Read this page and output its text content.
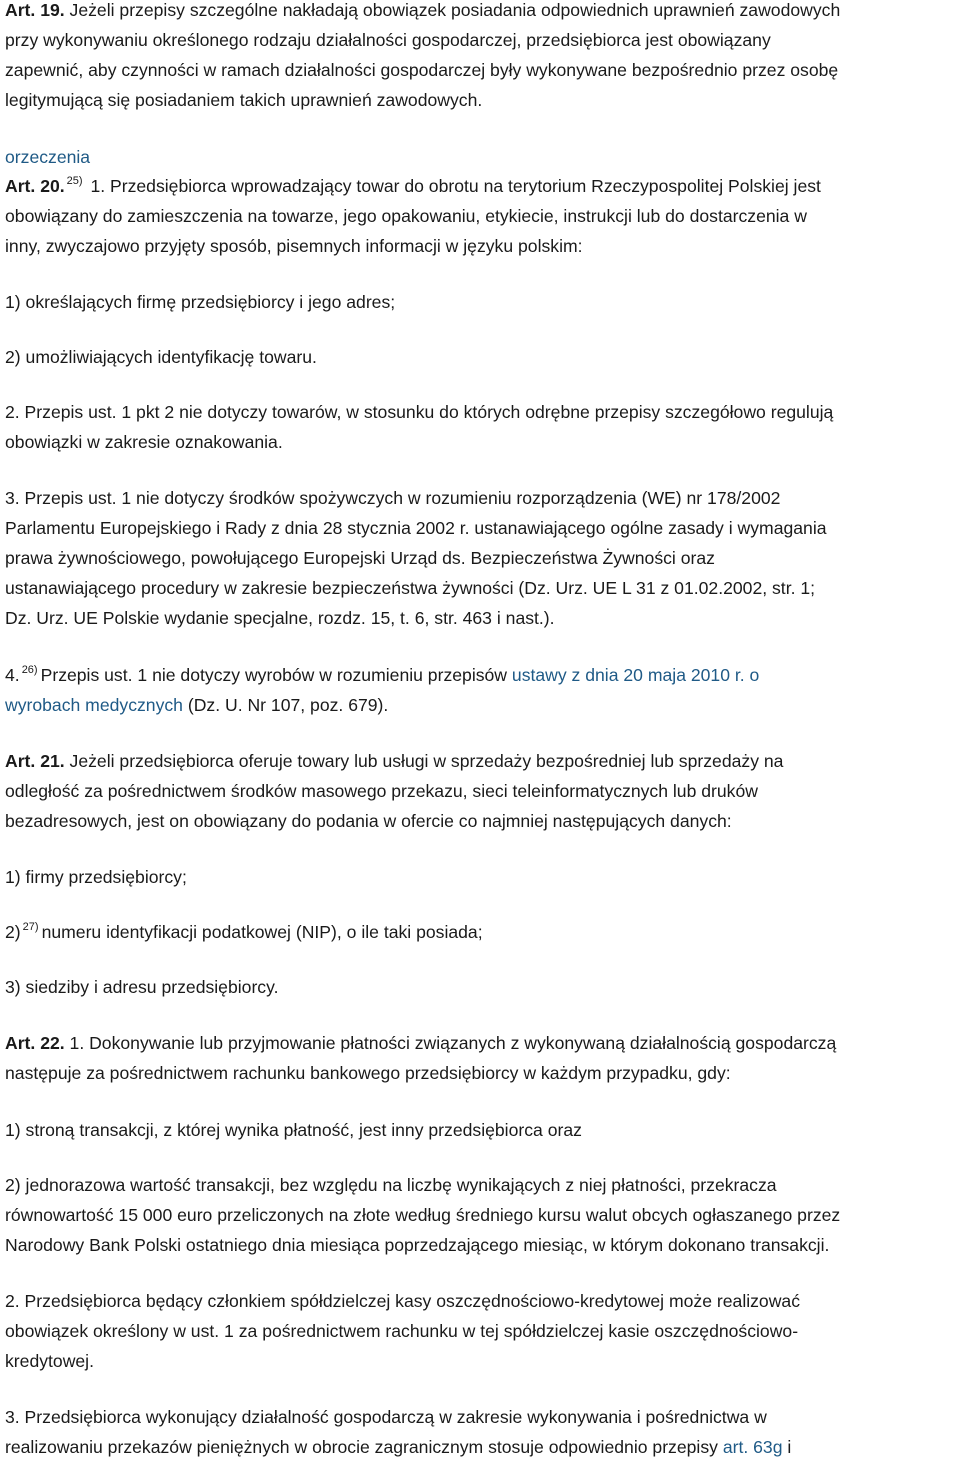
Art. 19. Jeżeli przepisy szczególne nakładają obowiązek posiadania odpowiednich uprawnień zawodowych
przy wykonywaniu określonego rodzaju działalności gospodarczej, przedsiębiorca jest obowiązany
zapewnić, aby czynności w ramach działalności gospodarczej były wykonywane bezpośrednio przez osobę
legitymującą się posiadaniem takich uprawnień zawodowych.
orzeczenia
Art. 20. $^{25)}$ 1. Przedsiębiorca wprowadzający towar do obrotu na terytorium Rzeczypospolitej Polskiej jest
obowiązany do zamieszczenia na towarze, jego opakowaniu, etykiecie, instrukcji lub do dostarczenia w
inny, zwyczajowo przyjęty sposób, pisemnych informacji w języku polskim:
1) określających firmę przedsiębiorcy i jego adres;
2) umożliwiających identyfikację towaru.
2. Przepis ust. 1 pkt 2 nie dotyczy towarów, w stosunku do których odrębne przepisy szczegółowo regulują
obowiązki w zakresie oznakowania.
3. Przepis ust. 1 nie dotyczy środków spożywczych w rozumieniu rozporządzenia (WE) nr 178/2002
Parlamentu Europejskiego i Rady z dnia 28 stycznia 2002 r. ustanawiającego ogólne zasady i wymagania
prawa żywnościowego, powołującego Europejski Urząd ds. Bezpieczeństwa Żywności oraz
ustanawiającego procedury w zakresie bezpieczeństwa żywności (Dz. Urz. UE L 31 z 01.02.2002, str. 1;
Dz. Urz. UE Polskie wydanie specjalne, rozdz. 15, t. 6, str. 463 i nast.).
4. $^{26)}$ Przepis ust. 1 nie dotyczy wyrobów w rozumieniu przepisów ustawy z dnia 20 maja 2010 r. o
wyrobach medycznych (Dz. U. Nr 107, poz. 679).
Art. 21. Jeżeli przedsiębiorca oferuje towary lub usługi w sprzedaży bezpośredniej lub sprzedaży na
odległość za pośrednictwem środków masowego przekazu, sieci teleinformatycznych lub druków
bezadresowych, jest on obowiązany do podania w ofercie co najmniej następujących danych:
1) firmy przedsiębiorcy;
2) $^{27)}$ numeru identyfikacji podatkowej (NIP), o ile taki posiada;
3) siedziby i adresu przedsiębiorcy.
Art. 22. 1. Dokonywanie lub przyjmowanie płatności związanych z wykonywaną działalnością gospodarczą
następuje za pośrednictwem rachunku bankowego przedsiębiorcy w każdym przypadku, gdy:
1) stroną transakcji, z której wynika płatność, jest inny przedsiębiorca oraz
2) jednorazowa wartość transakcji, bez względu na liczbę wynikających z niej płatności, przekracza
równowartość 15 000 euro przeliczonych na złote według średniego kursu walut obcych ogłaszanego przez
Narodowy Bank Polski ostatniego dnia miesiąca poprzedzającego miesiąc, w którym dokonano transakcji.
2. Przedsiębiorca będący członkiem spółdzielczej kasy oszczędnościowo-kredytowej może realizować
obowiązek określony w ust. 1 za pośrednictwem rachunku w tej spółdzielczej kasie oszczędnościowo-
kredytowej.
3. Przedsiębiorca wykonujący działalność gospodarczą w zakresie wykonywania i pośrednictwa w
realizowaniu przekazów pieniężnych w obrocie zagranicznym stosuje odpowiednio przepisy art. 63g i
